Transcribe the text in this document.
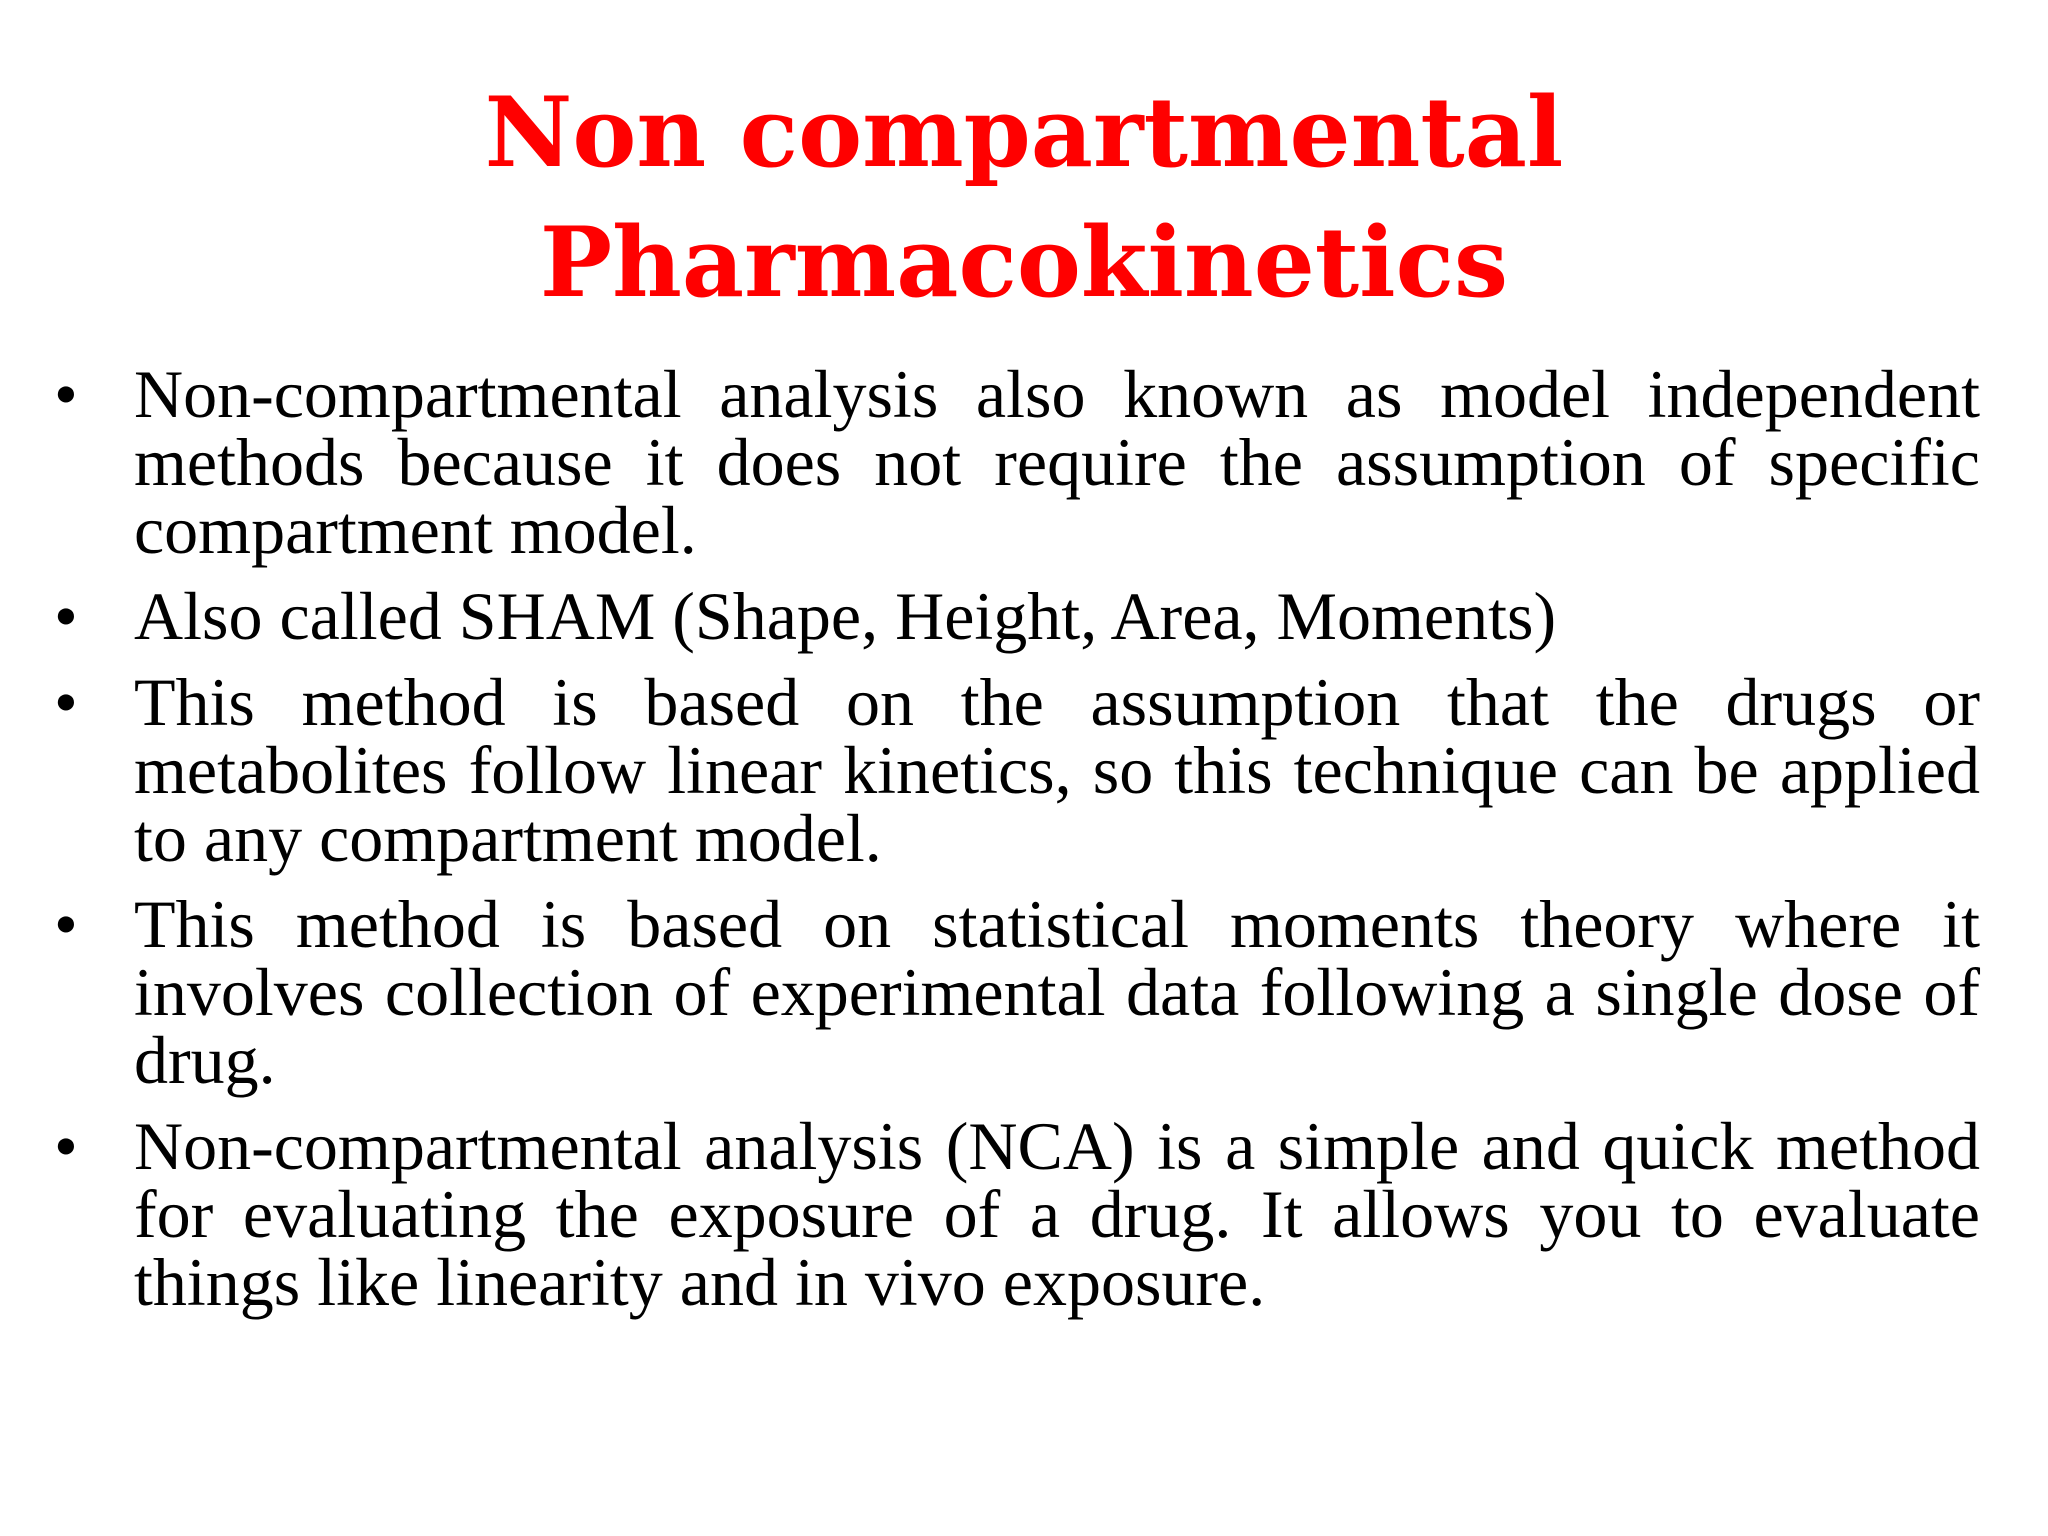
Non compartmental
Pharmacokinetics
• Non-compartmental analysis also known as model independent methods because it does not require the assumption of specific compartment model.
• Also called SHAM (Shape, Height, Area, Moments)
• This method is based on the assumption that the drugs or metabolites follow linear kinetics, so this technique can be applied to any compartment model.
• This method is based on statistical moments theory where it involves collection of experimental data following a single dose of drug.
• Non-compartmental analysis (NCA) is a simple and quick method for evaluating the exposure of a drug. It allows you to evaluate things like linearity and in vivo exposure.
